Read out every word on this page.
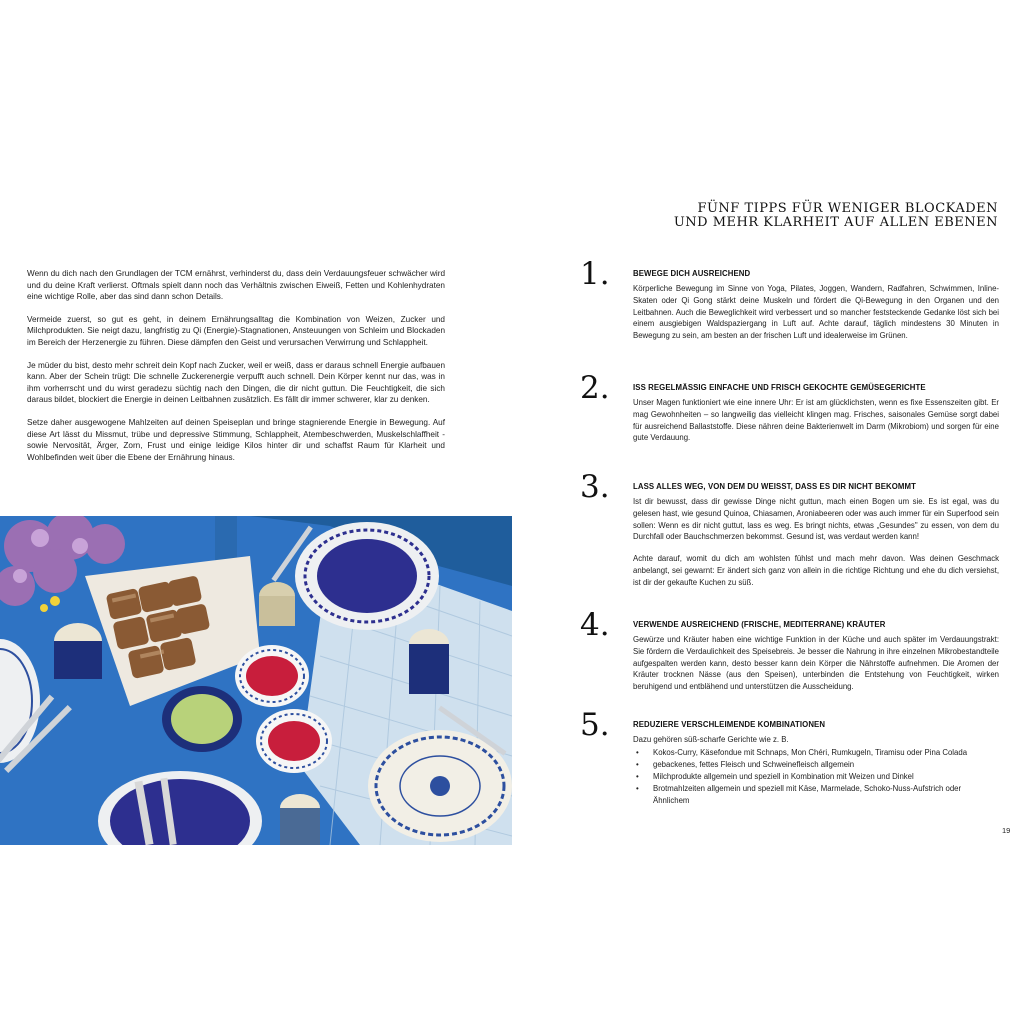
Wenn du dich nach den Grundlagen der TCM ernährst, verhinderst du, dass dein Verdauungsfeuer schwächer wird und du deine Kraft verlierst. Oftmals spielt dann noch das Verhältnis zwischen Eiweiß, Fetten und Kohlenhydraten eine wichtige Rolle, aber das sind dann schon Details.

Vermeide zuerst, so gut es geht, in deinem Ernährungsalltag die Kombination von Weizen, Zucker und Milchprodukten. Sie neigt dazu, langfristig zu Qi (Energie)-Stagnationen, Ansteuungen von Schleim und Blockaden im Bereich der Herzenergie zu führen. Diese dämpfen den Geist und verursachen Verwirrung und Schlappheit.

Je müder du bist, desto mehr schreit dein Kopf nach Zucker, weil er weiß, dass er daraus schnell Energie aufbauen kann. Aber der Schein trügt: Die schnelle Zuckerenergie verpufft auch schnell. Dein Körper kennt nur das, was in ihm vorherrscht und du wirst geradezu süchtig nach den Dingen, die dir nicht guttun. Die Feuchtigkeit, die sich daraus bildet, blockiert die Energie in deinen Leitbahnen zusätzlich. Es fällt dir immer schwerer, klar zu denken.

Setze daher ausgewogene Mahlzeiten auf deinen Speiseplan und bringe stagnierende Energie in Bewegung. Auf diese Art lässt du Missmut, trübe und depressive Stimmung, Schlappheit, Atembeschwerden, Muskelschlaffheit - sowie Nervosität, Ärger, Zorn, Frust und einige leidige Kilos hinter dir und schaffst Raum für Klarheit und Wohlbefinden weit über die Ebene der Ernährung hinaus.

FÜNF TIPPS FÜR WENIGER BLOCKADEN
UND MEHR KLARHEIT AUF ALLEN EBENEN
1.	BEWEGE DICH AUSREICHEND

Körperliche Bewegung im Sinne von Yoga, Pilates, Joggen, Wandern, Radfahren, Schwimmen, Inline-Skaten oder Qi Gong stärkt deine Muskeln und fördert die Qi-Bewegung in den Organen und den Leitbahnen. Auch die Beweglichkeit wird verbessert und so mancher feststeckende Gedanke löst sich bei einem ausgiebigen Waldspaziergang in Luft auf. Achte darauf, täglich mindestens 30 Minuten in Bewegung zu sein, am besten an der frischen Luft und idealerweise im Grünen.

2.	ISS REGELMÄSSIG EINFACHE UND FRISCH GEKOCHTE GEMÜSEGERICHTE

Unser Magen funktioniert wie eine innere Uhr: Er ist am glücklichsten, wenn es fixe Essenszeiten gibt. Er mag Gewohnheiten – so langweilig das vielleicht klingen mag. Frisches, saisonales Gemüse sorgt dabei für ausreichend Ballaststoffe. Diese nähren deine Bakterienwelt im Darm (Mikrobiom) und sorgen für eine gute Verdauung.

3.	LASS ALLES WEG, VON DEM DU WEISST, DASS ES DIR NICHT BEKOMMT

Ist dir bewusst, dass dir gewisse Dinge nicht guttun, mach einen Bogen um sie. Es ist egal, was du gelesen hast, wie gesund Quinoa, Chiasamen, Aroniabeeren oder was auch immer für ein Superfood sein sollen: Wenn es dir nicht guttut, lass es weg. Es bringt nichts, etwas „Gesundes" zu essen, von dem du Durchfall oder Bauchschmerzen bekommst. Gesund ist, was verdaut werden kann!

Achte darauf, womit du dich am wohlsten fühlst und mach mehr davon. Was deinen Geschmack anbelangt, sei gewarnt: Er ändert sich ganz von allein in die richtige Richtung und ehe du dich versiehst, ist dir der gekaufte Kuchen zu süß.

4.	VERWENDE AUSREICHEND (FRISCHE, MEDITERRANE) KRÄUTER

Gewürze und Kräuter haben eine wichtige Funktion in der Küche und auch später im Verdauungstrakt: Sie fördern die Verdaulichkeit des Speisebreis. Je besser die Nahrung in ihre einzelnen Mikrobestandteile aufgespalten werden kann, desto besser kann dein Körper die Nährstoffe aufnehmen. Die Aromen der Kräuter trocknen Nässe (aus den Speisen), unterbinden die Entstehung von Feuchtigkeit, wirken beruhigend und entblähend und unterstützen die Ausscheidung.

5.	REDUZIERE VERSCHLEIMENDE KOMBINATIONEN

Dazu gehören süß-scharfe Gerichte wie z. B.

• Kokos-Curry, Käsefondue mit Schnaps, Mon Chéri, Rumkugeln, Tiramisu oder Pina Colada
• gebackenes, fettes Fleisch und Schweinefleisch allgemein
• Milchprodukte allgemein und speziell in Kombination mit Weizen und Dinkel
• Brotmahlzeiten allgemein und speziell mit Käse, Marmelade, Schoko-Nuss-Aufstrich oder Ähnlichem
19
